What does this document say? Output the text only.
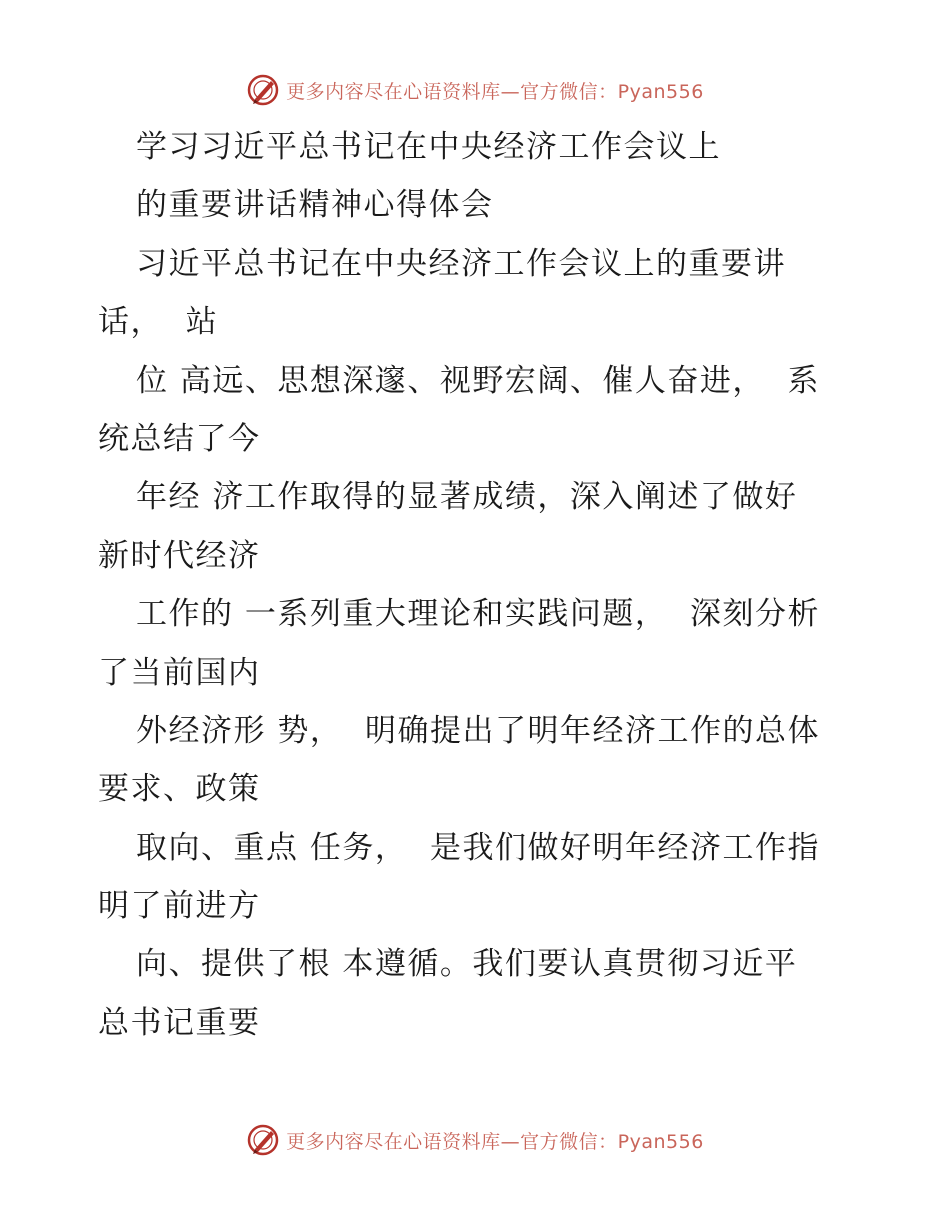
更多内容尽在心语资料库—官方微信：Pyan556
学习习近平总书记在中央经济工作会议上
的重要讲话精神心得体会
习近平总书记在中央经济工作会议上的重要讲
话，  站
位 高远、思想深邃、视野宏阔、催人奋进，  系
统总结了今
年经 济工作取得的显著成绩，深入阐述了做好
新时代经济
工作的 一系列重大理论和实践问题，  深刻分析
了当前国内
外经济形 势，  明确提出了明年经济工作的总体
要求、政策
取向、重点 任务，  是我们做好明年经济工作指
明了前进方
向、提供了根 本遵循。我们要认真贯彻习近平
总书记重要
更多内容尽在心语资料库—官方微信：Pyan556
